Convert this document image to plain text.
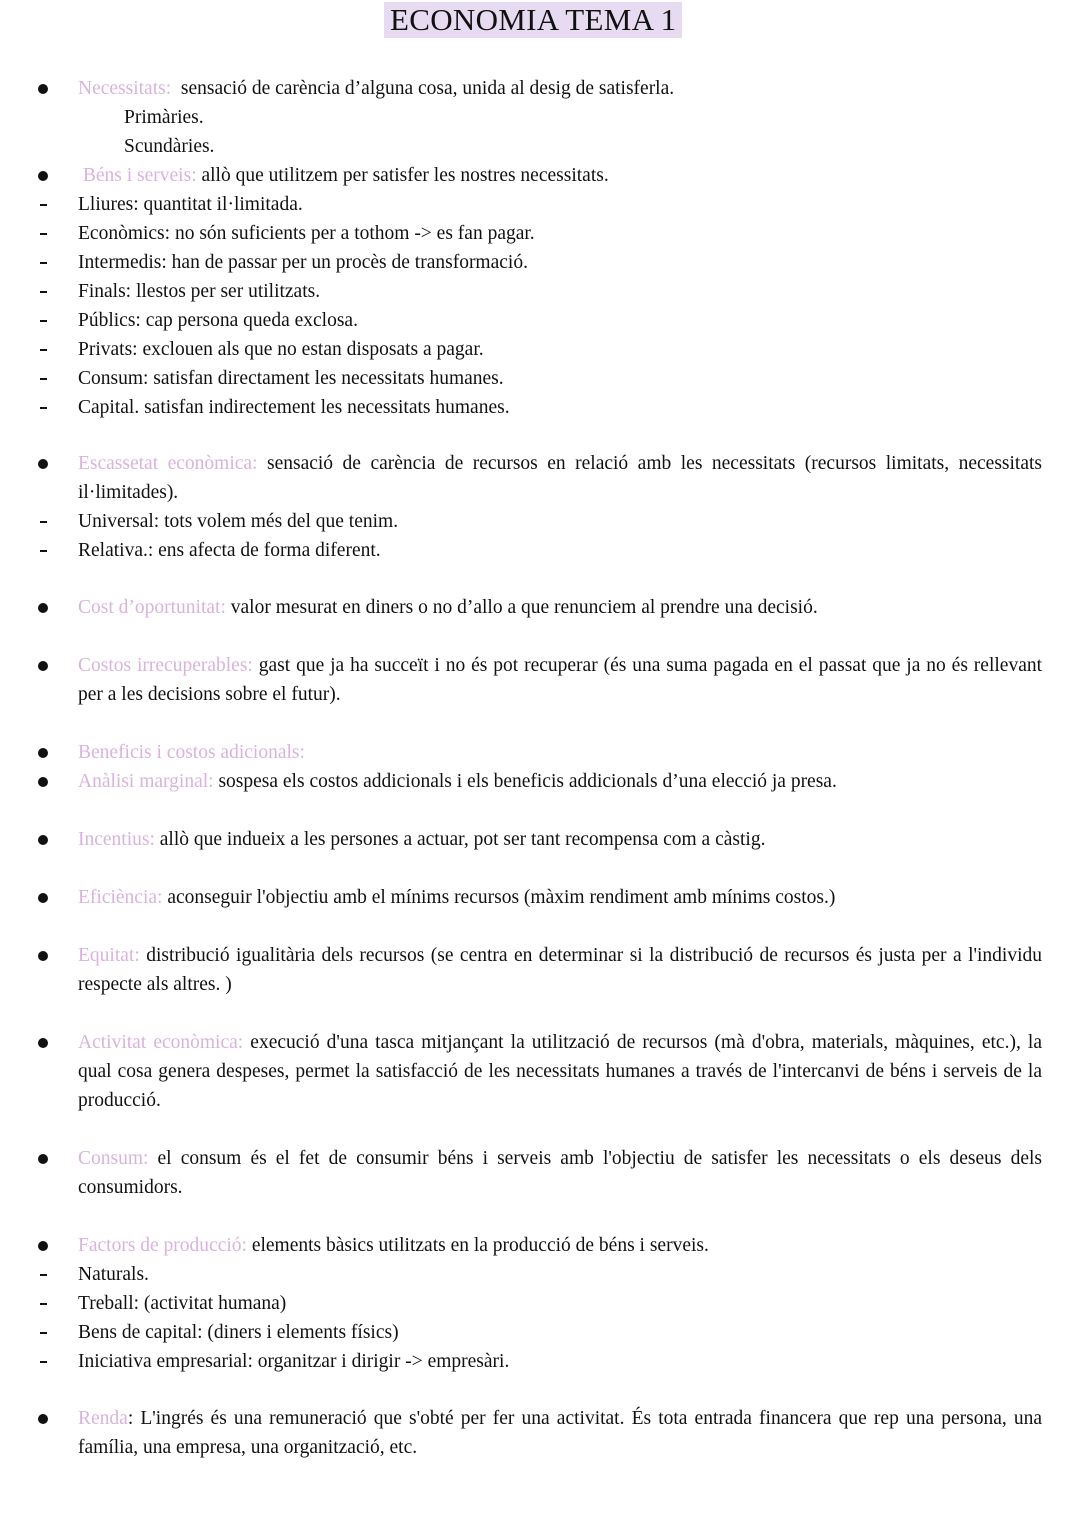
ECONOMIA TEMA 1
Necessitats: sensació de carència d’alguna cosa, unida al desig de satisferla.
Primàries.
Scundàries.
Béns i serveis: allò que utilitzem per satisfer les nostres necessitats.
Lliures: quantitat il·limitada.
Econòmics: no són suficients per a tothom -> es fan pagar.
Intermedis: han de passar per un procès de transformació.
Finals: llestos per ser utilitzats.
Públics: cap persona queda exclosa.
Privats: exclouen als que no estan disposats a pagar.
Consum: satisfan directament les necessitats humanes.
Capital. satisfan indirectement les necessitats humanes.
Escassetat econòmica: sensació de carència de recursos en relació amb les necessitats (recursos limitats, necessitats il·limitades).
Universal: tots volem més del que tenim.
Relativa.: ens afecta de forma diferent.
Cost d’oportunitat: valor mesurat en diners o no d’allo a que renunciem al prendre una decisió.
Costos irrecuperables: gast que ja ha succeït i no és pot recuperar (és una suma pagada en el passat que ja no és rellevant per a les decisions sobre el futur).
Beneficis i costos adicionals:
Anàlisi marginal: sospesa els costos addicionals i els beneficis addicionals d’una elecció ja presa.
Incentius: allò que indueix a les persones a actuar, pot ser tant recompensa com a càstig.
Eficiència: aconseguir l'objectiu amb el mínims recursos (màxim rendiment amb mínims costos.)
Equitat: distribució igualitària dels recursos (se centra en determinar si la distribució de recursos és justa per a l'individu respecte als altres. )
Activitat econòmica: execució d'una tasca mitjançant la utilització de recursos (mà d'obra, materials, màquines, etc.), la qual cosa genera despeses, permet la satisfacció de les necessitats humanes a través de l'intercanvi de béns i serveis de la producció.
Consum: el consum és el fet de consumir béns i serveis amb l'objectiu de satisfer les necessitats o els deseus dels consumidors.
Factors de producció: elements bàsics utilitzats en la producció de béns i serveis.
Naturals.
Treball: (activitat humana)
Bens de capital: (diners i elements físics)
Iniciativa empresarial: organitzar i dirigir -> empresàri.
Renda: L'ingrés és una remuneració que s'obté per fer una activitat. És tota entrada financera que rep una persona, una família, una empresa, una organització, etc.
